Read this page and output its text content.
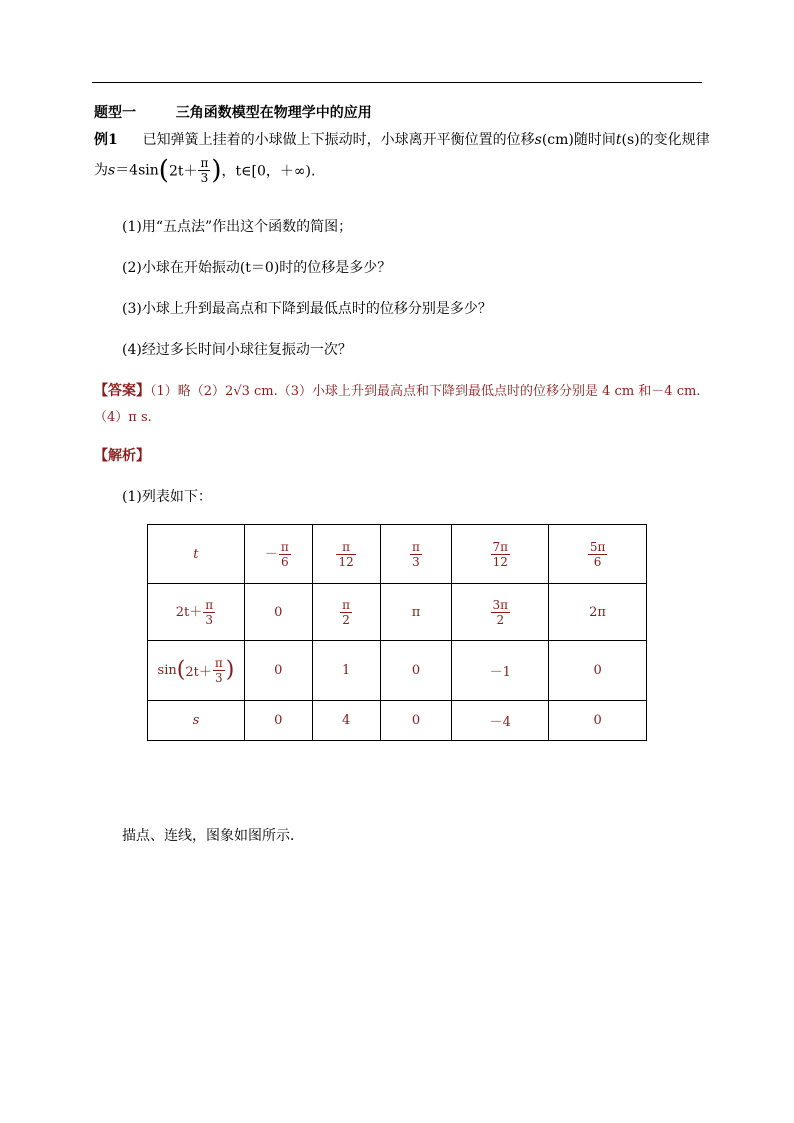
题型一	三角函数模型在物理学中的应用
例1 已知弹簧上挂着的小球做上下振动时，小球离开平衡位置的位移s(cm)随时间t(s)的变化规律
为$s=4\sin(2t+ \frac{\pi}{3}$ )，t∈[0，＋∞).
(1)用“五点法”作出这个函数的简图；
(2)小球在开始振动(t＝0)时的位移是多少？
(3)小球上升到最高点和下降到最低点时的位移分别是多少？
(4)经过多长时间小球往复振动一次？
【答案】（1）略（2）2√3 cm.（3）小球上升到最高点和下降到最低点时的位移分别是 4 cm 和－4 cm.
（4）π s.
【解析】
(1)列表如下：
t	－ $\frac{\pi}{6}$	$\frac{\pi}{12}$	$\frac{\pi}{3}$	$\frac{7\pi}{12}$	$\frac{5\pi}{6}$

$2t+ \frac{\pi}{3}$	0	$\frac{\pi}{2}$	π	$\frac{3\pi}{2}$	2π
$\sin(2t+ \frac{\pi}{3}$ )	0	1	0	－1	0
s	0	4	0	－4	0
描点、连线，图象如图所示．
